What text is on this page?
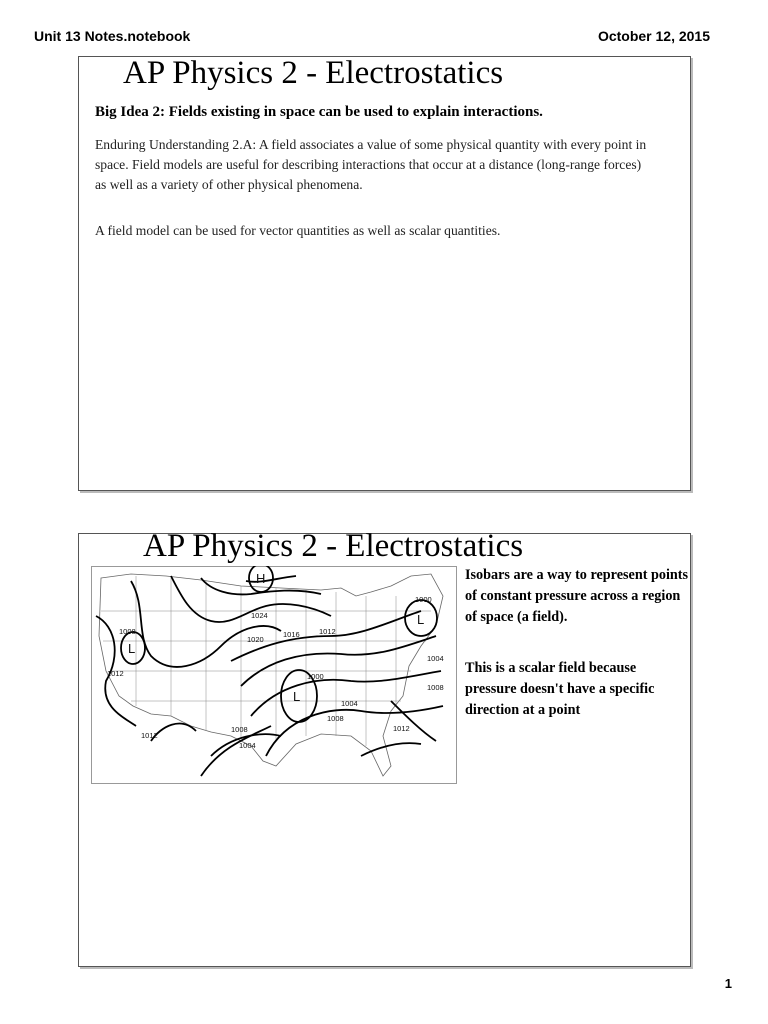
Unit 13 Notes.notebook	October 12, 2015
AP Physics 2 - Electrostatics
Big Idea 2: Fields existing in space can be used to explain interactions.
Enduring Understanding 2.A: A field associates a value of some physical quantity with every point in space. Field models are useful for describing interactions that occur at a distance (long-range forces) as well as a variety of other physical phenomena.
A field model can be used for vector quantities as well as scalar quantities.
AP Physics 2 - Electrostatics
H
L
L
L
1024
1020
1016	1012
1008
1012	1000
1004
1008
1000
1004
1008	1012
1008
1004
1012
Isobars are a way to represent points of constant pressure across a region of space (a field).
This is a scalar field because pressure doesn't have a specific direction at a point
1
